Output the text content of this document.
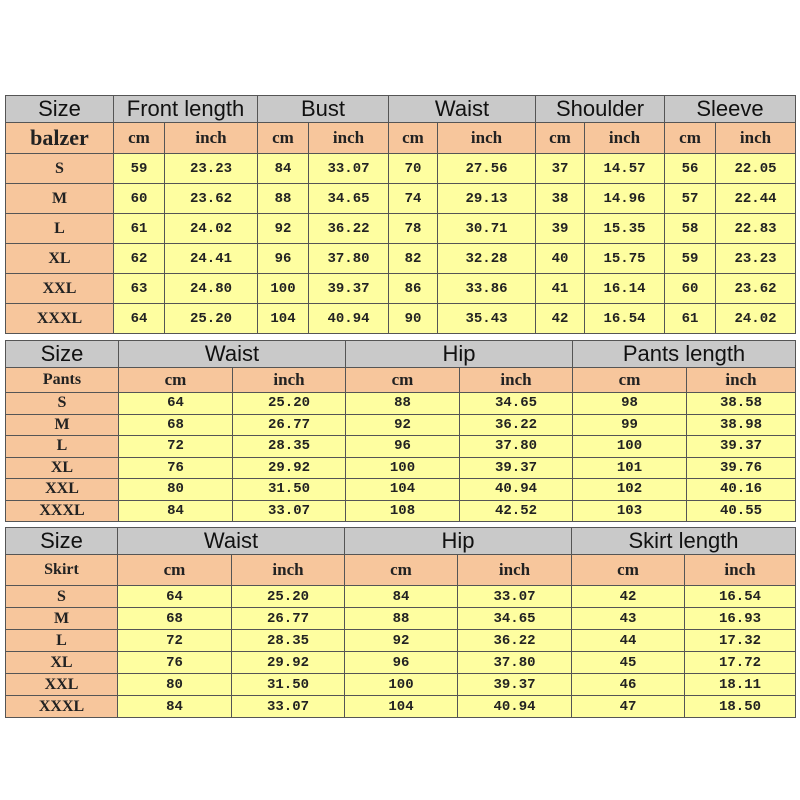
Size	Front length		Bust		Waist		Shoulder		Sleeve	
balzer	cm	inch	cm	inch	cm	inch	cm	inch	cm	inch
S	59	23.23	84	33.07	70	27.56	37	14.57	56	22.05
M	60	23.62	88	34.65	74	29.13	38	14.96	57	22.44
L	61	24.02	92	36.22	78	30.71	39	15.35	58	22.83
XL	62	24.41	96	37.80	82	32.28	40	15.75	59	23.23
XXL	63	24.80	100	39.37	86	33.86	41	16.14	60	23.62
XXXL	64	25.20	104	40.94	90	35.43	42	16.54	61	24.02
Size	Waist		Hip		Pants length	
Pants	cm	inch	cm	inch	cm	inch
S	64	25.20	88	34.65	98	38.58
M	68	26.77	92	36.22	99	38.98
L	72	28.35	96	37.80	100	39.37
XL	76	29.92	100	39.37	101	39.76
XXL	80	31.50	104	40.94	102	40.16
XXXL	84	33.07	108	42.52	103	40.55
Size	Waist		Hip		Skirt length	
Skirt	cm	inch	cm	inch	cm	inch
S	64	25.20	84	33.07	42	16.54
M	68	26.77	88	34.65	43	16.93
L	72	28.35	92	36.22	44	17.32
XL	76	29.92	96	37.80	45	17.72
XXL	80	31.50	100	39.37	46	18.11
XXXL	84	33.07	104	40.94	47	18.50
